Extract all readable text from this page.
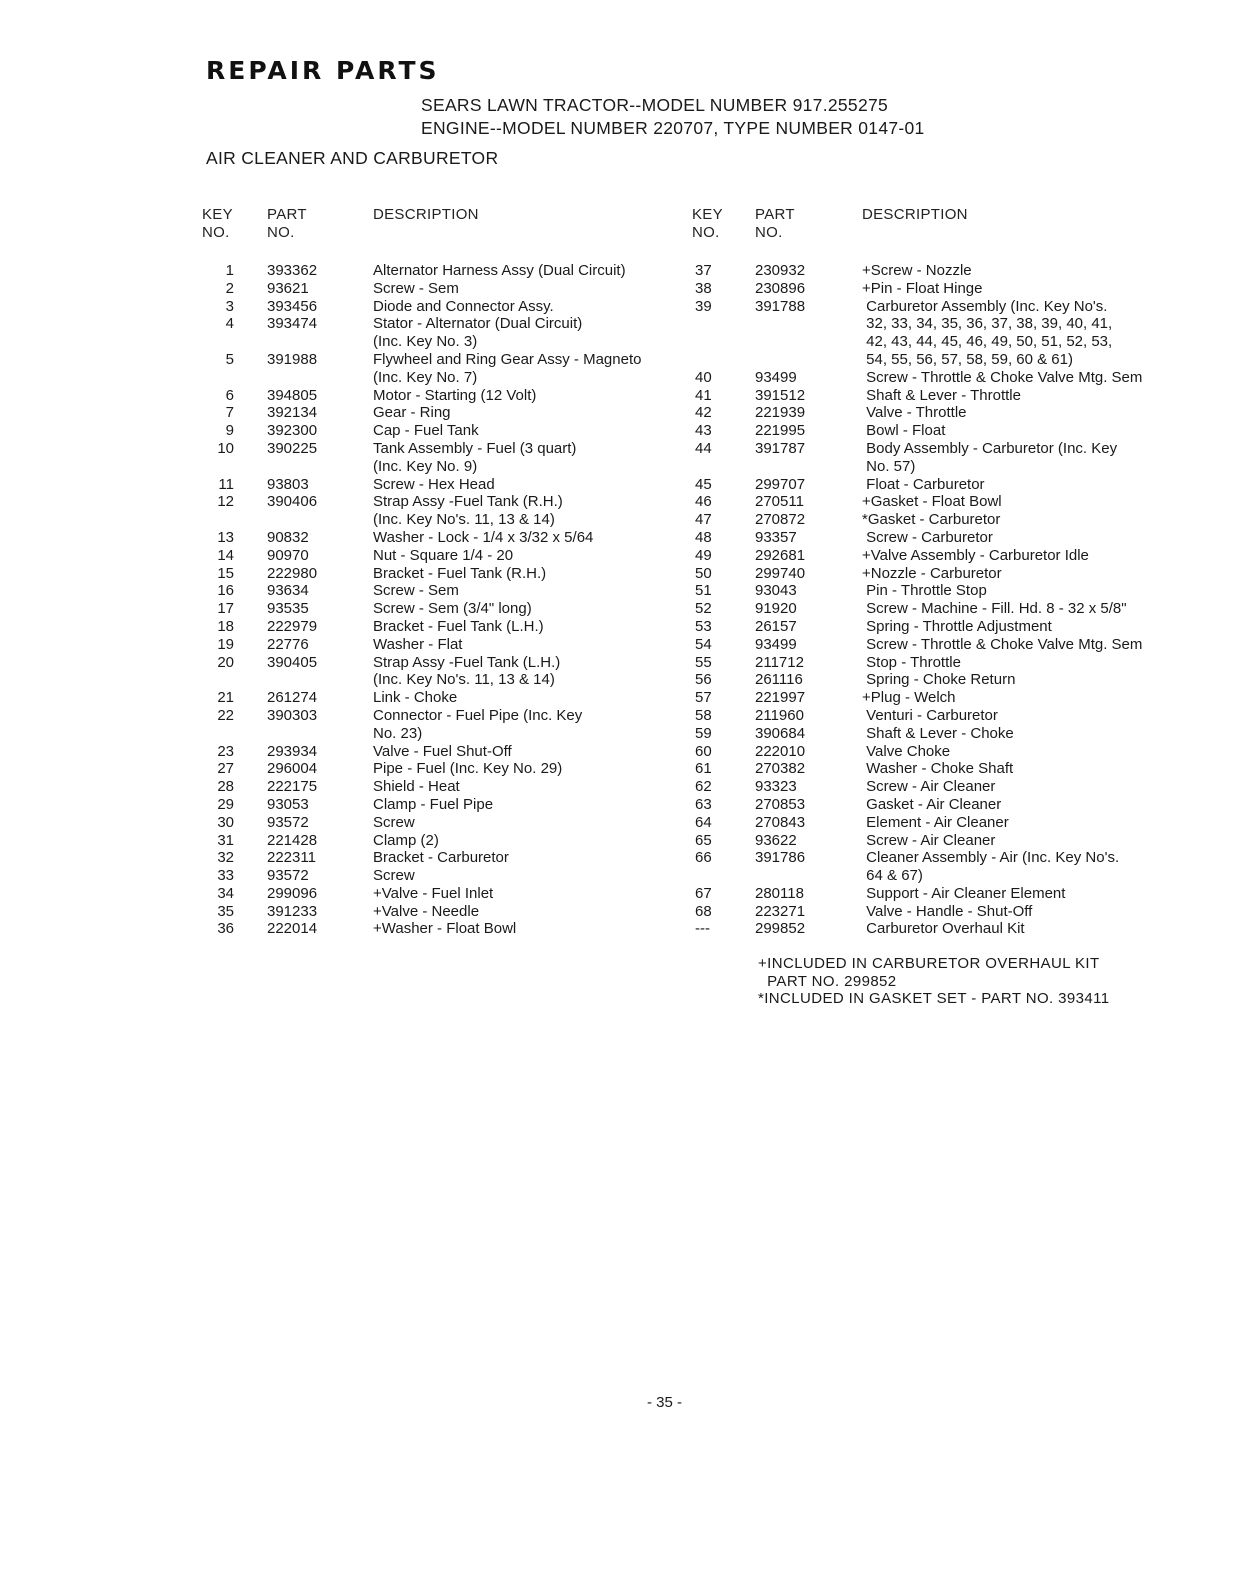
REPAIR PARTS
SEARS LAWN TRACTOR--MODEL NUMBER 917.255275
ENGINE--MODEL NUMBER 220707, TYPE NUMBER 0147-01
AIR CLEANER AND CARBURETOR
KEY
NO.
PART
NO.
DESCRIPTION
1 393362	Alternator Harness Assy (Dual Circuit)
2 93621	Screw - Sem
3 393456	Diode and Connector Assy.
4 393474	Stator - Alternator (Dual Circuit)
(Inc. Key No. 3)
5 391988	Flywheel and Ring Gear Assy - Magneto
(Inc. Key No. 7)
6 394805	Motor - Starting (12 Volt)
7 392134	Gear - Ring
9 392300	Cap - Fuel Tank
10 390225	Tank Assembly - Fuel (3 quart)
(Inc. Key No. 9)
11 93803	Screw - Hex Head
12 390406	Strap Assy -Fuel Tank (R.H.)
(Inc. Key No's. 11, 13 & 14)
13 90832	Washer - Lock - 1/4 x 3/32 x 5/64
14 90970	Nut - Square 1/4 - 20
15 222980	Bracket - Fuel Tank (R.H.)
16 93634	Screw - Sem
17 93535	Screw - Sem (3/4" long)
18 222979	Bracket - Fuel Tank (L.H.)
19 22776	Washer - Flat
20 390405	Strap Assy -Fuel Tank (L.H.)
(Inc. Key No's. 11, 13 & 14)
21 261274	Link - Choke
22 390303	Connector - Fuel Pipe (Inc. Key
No. 23)
23 293934	Valve - Fuel Shut-Off
27 296004	Pipe - Fuel (Inc. Key No. 29)
28 222175	Shield - Heat
29 93053	Clamp - Fuel Pipe
30 93572	Screw
31 221428	Clamp (2)
32 222311	Bracket - Carburetor
33 93572	Screw
34 299096	+Valve - Fuel Inlet
35 391233	+Valve - Needle
36 222014	+Washer - Float Bowl
KEY
NO.
PART
NO.
DESCRIPTION
37	230932	+Screw - Nozzle
38	230896	+Pin - Float Hinge
39	391788	Carburetor Assembly (Inc. Key No's.
32, 33, 34, 35, 36, 37, 38, 39, 40, 41,
42, 43, 44, 45, 46, 49, 50, 51, 52, 53,
54, 55, 56, 57, 58, 59, 60 & 61)
40	93499	Screw - Throttle & Choke Valve Mtg. Sem
41	391512	Shaft & Lever - Throttle
42	221939	Valve - Throttle
43	221995	Bowl - Float
44	391787	Body Assembly - Carburetor (Inc. Key
No. 57)
45	299707	Float - Carburetor
46	270511	+Gasket - Float Bowl
47	270872	*Gasket - Carburetor
48	93357	Screw - Carburetor
49	292681	+Valve Assembly - Carburetor Idle
50	299740	+Nozzle - Carburetor
51	93043	Pin - Throttle Stop
52	91920	Screw - Machine - Fill. Hd. 8 - 32 x 5/8"
53	26157	Spring - Throttle Adjustment
54	93499	Screw - Throttle & Choke Valve Mtg. Sem
55	211712	Stop - Throttle
56	261116	Spring - Choke Return
57	221997	+Plug - Welch
58	211960	Venturi - Carburetor
59	390684	Shaft & Lever - Choke
60	222010	Valve Choke
61	270382	Washer - Choke Shaft
62	93323	Screw - Air Cleaner
63	270853	Gasket - Air Cleaner
64	270843	Element - Air Cleaner
65	93622	Screw - Air Cleaner
66	391786	Cleaner Assembly - Air (Inc. Key No's.
64 & 67)
67	280118	Support - Air Cleaner Element
68	223271	Valve - Handle - Shut-Off
---	299852	Carburetor Overhaul Kit
+INCLUDED IN CARBURETOR OVERHAUL KIT
PART NO. 299852
*INCLUDED IN GASKET SET - PART NO. 393411
- 35 -
